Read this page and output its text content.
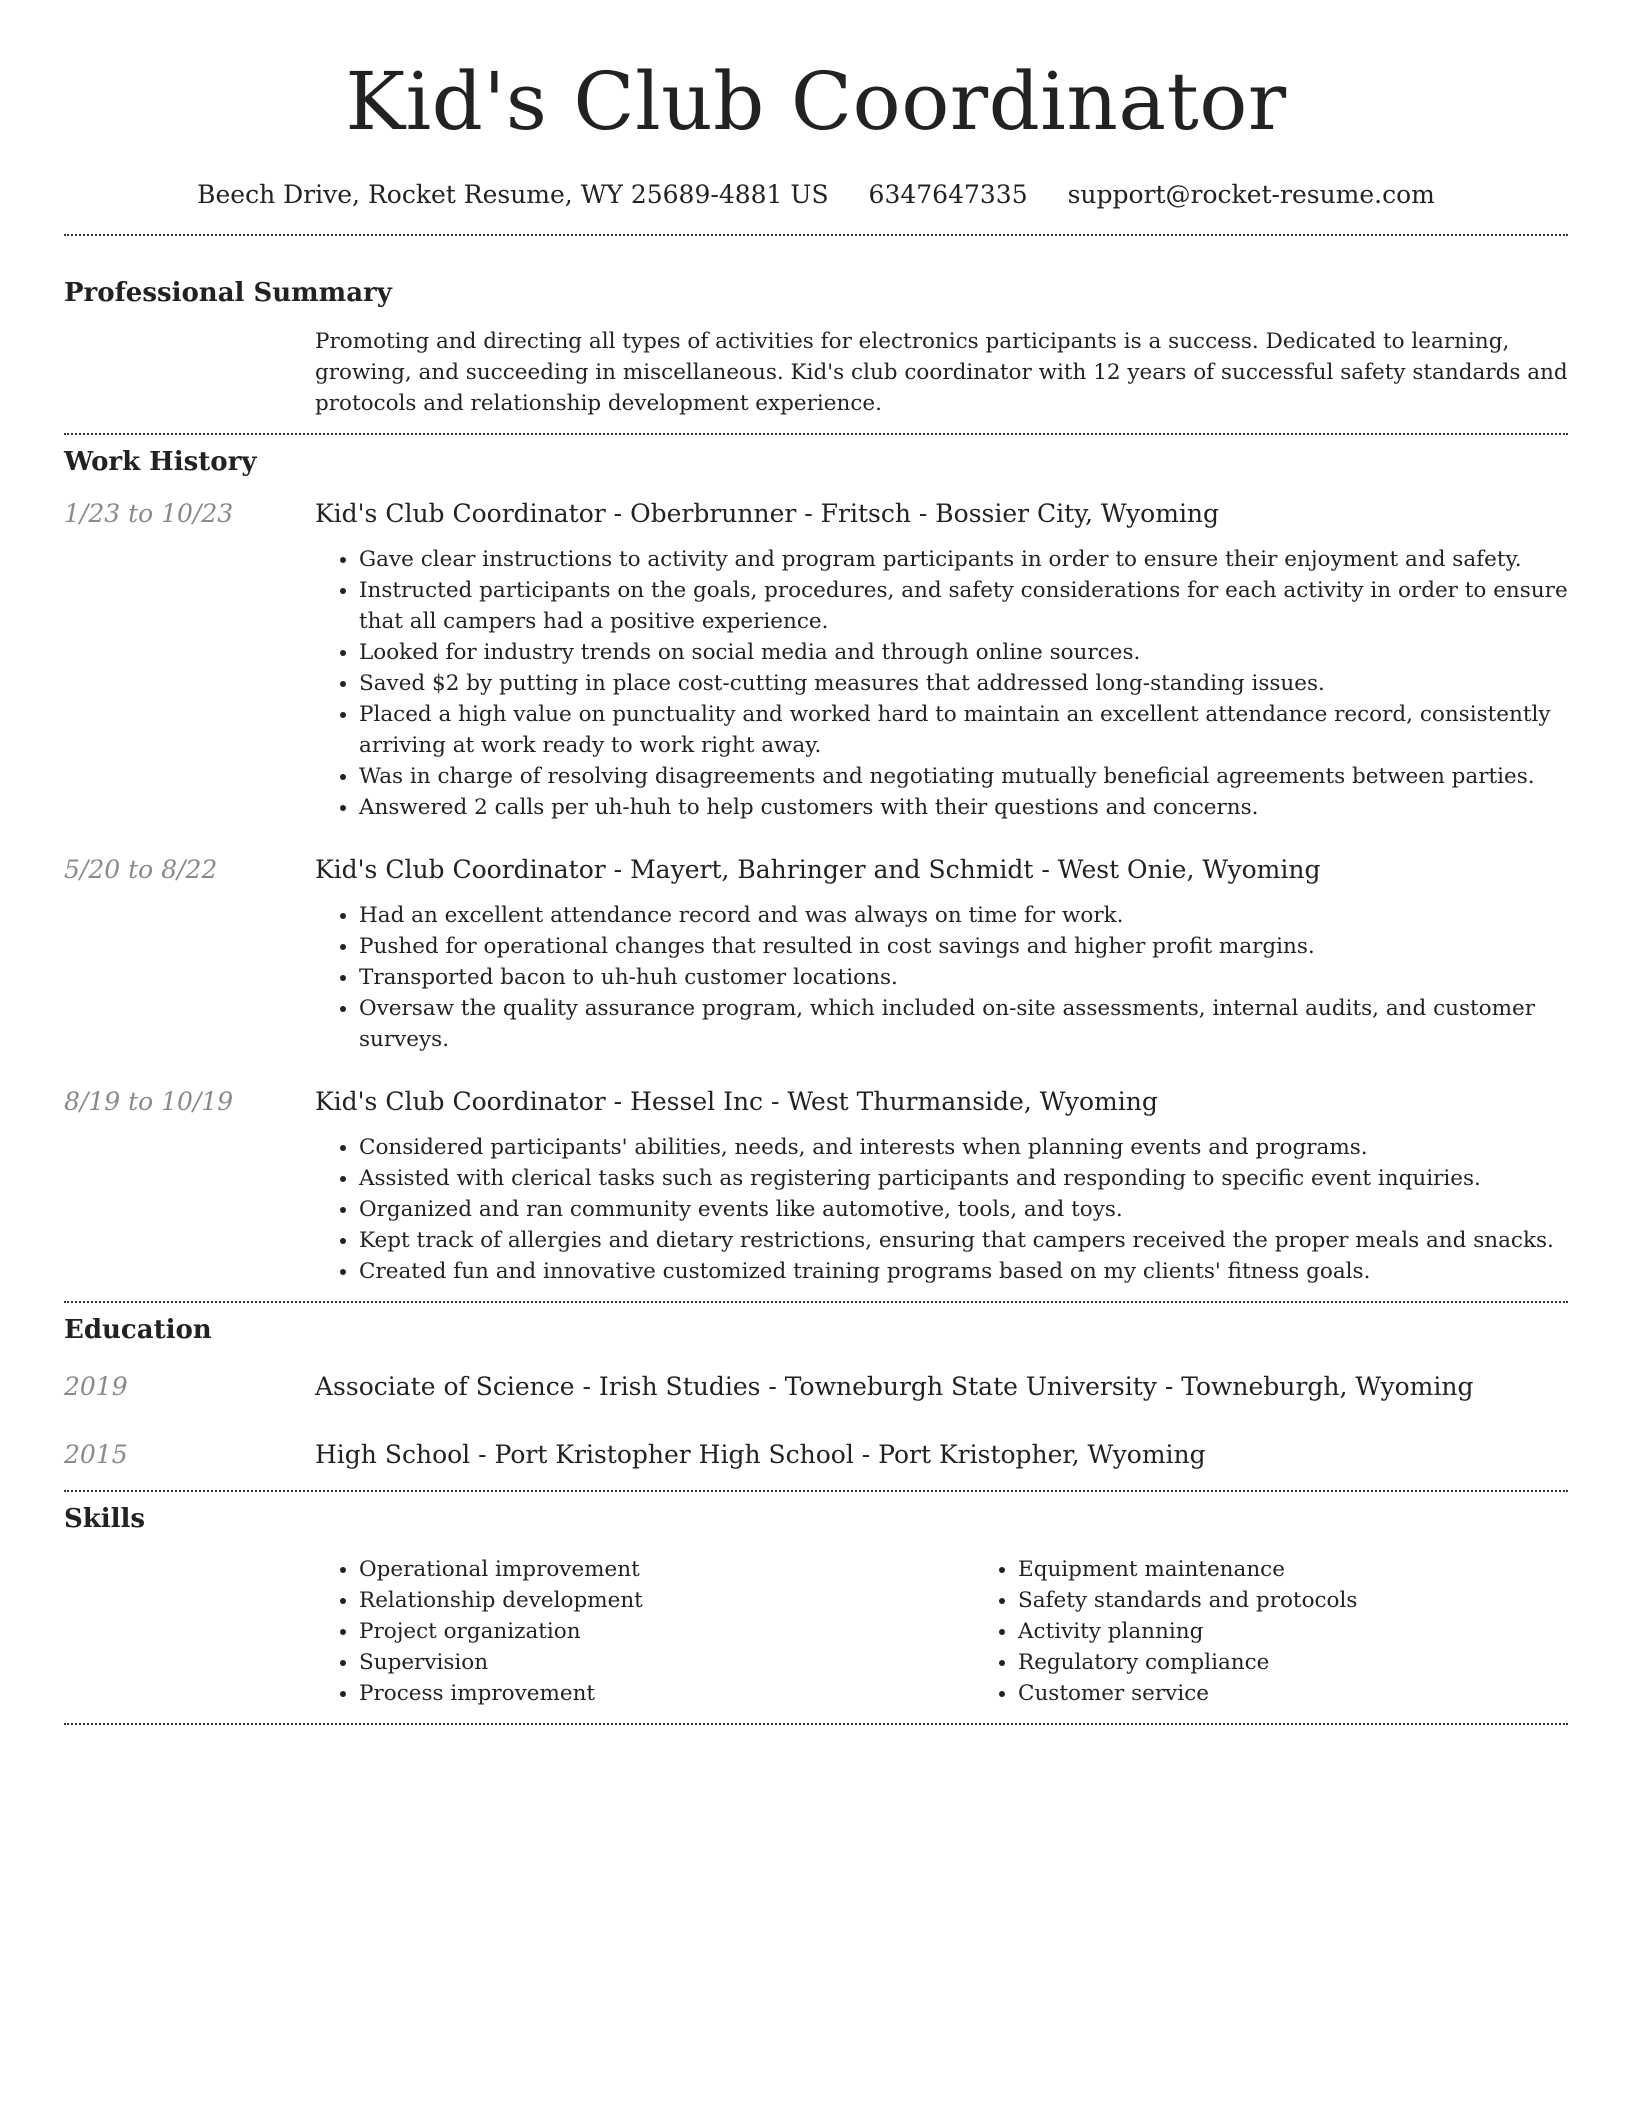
Kid's Club Coordinator
Beech Drive, Rocket Resume, WY 25689-4881 US 6347647335 support@rocket-resume.com
Professional Summary

Promoting and directing all types of activities for electronics participants is a success. Dedicated to learning, growing, and succeeding in miscellaneous. Kid's club coordinator with 12 years of successful safety standards and protocols and relationship development experience.

Work History
1/23 to 10/23	Kid's Club Coordinator - Oberbrunner - Fritsch - Bossier City, Wyoming
• Gave clear instructions to activity and program participants in order to ensure their enjoyment and safety.
• Instructed participants on the goals, procedures, and safety considerations for each activity in order to ensure that all campers had a positive experience.
• Looked for industry trends on social media and through online sources.
• Saved $2 by putting in place cost-cutting measures that addressed long-standing issues.
• Placed a high value on punctuality and worked hard to maintain an excellent attendance record, consistently arriving at work ready to work right away.
• Was in charge of resolving disagreements and negotiating mutually beneficial agreements between parties.
• Answered 2 calls per uh-huh to help customers with their questions and concerns.
5/20 to 8/22	Kid's Club Coordinator - Mayert, Bahringer and Schmidt - West Onie, Wyoming
• Had an excellent attendance record and was always on time for work.
• Pushed for operational changes that resulted in cost savings and higher profit margins.
• Transported bacon to uh-huh customer locations.
• Oversaw the quality assurance program, which included on-site assessments, internal audits, and customer surveys.
8/19 to 10/19	Kid's Club Coordinator - Hessel Inc - West Thurmanside, Wyoming
• Considered participants' abilities, needs, and interests when planning events and programs.
• Assisted with clerical tasks such as registering participants and responding to specific event inquiries.
• Organized and ran community events like automotive, tools, and toys.
• Kept track of allergies and dietary restrictions, ensuring that campers received the proper meals and snacks.
• Created fun and innovative customized training programs based on my clients' fitness goals.
Education
2019	Associate of Science - Irish Studies - Towneburgh State University - Towneburgh, Wyoming
2015	High School - Port Kristopher High School - Port Kristopher, Wyoming
Skills
• Operational improvement
• Relationship development
• Project organization
• Supervision
• Process improvement
• Equipment maintenance
• Safety standards and protocols
• Activity planning
• Regulatory compliance
• Customer service
